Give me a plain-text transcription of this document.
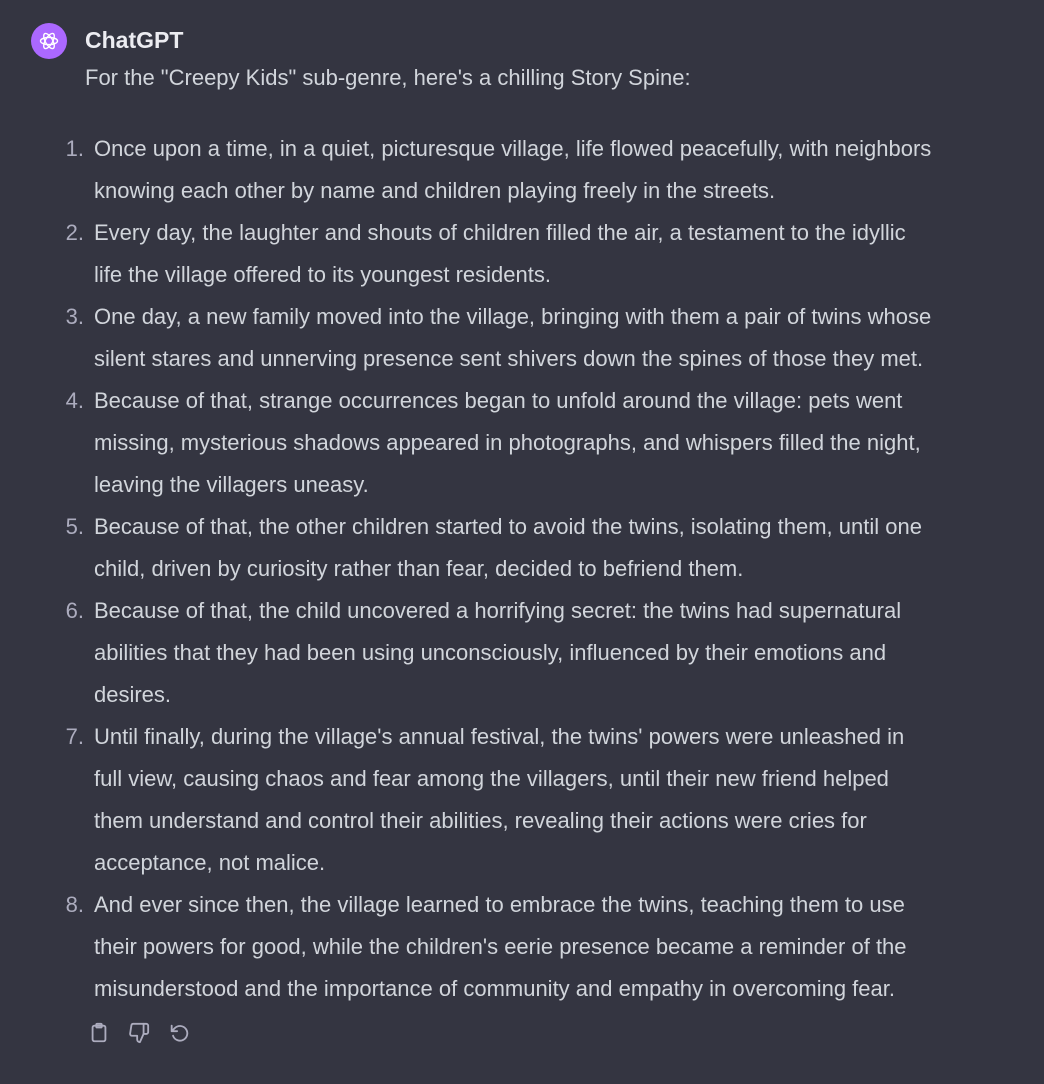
ChatGPT
For the "Creepy Kids" sub-genre, here's a chilling Story Spine:
1. Once upon a time, in a quiet, picturesque village, life flowed peacefully, with neighbors
knowing each other by name and children playing freely in the streets.
2. Every day, the laughter and shouts of children filled the air, a testament to the idyllic
life the village offered to its youngest residents.
3. One day, a new family moved into the village, bringing with them a pair of twins whose
silent stares and unnerving presence sent shivers down the spines of those they met.
4. Because of that, strange occurrences began to unfold around the village: pets went
missing, mysterious shadows appeared in photographs, and whispers filled the night,
leaving the villagers uneasy.
5. Because of that, the other children started to avoid the twins, isolating them, until one
child, driven by curiosity rather than fear, decided to befriend them.
6. Because of that, the child uncovered a horrifying secret: the twins had supernatural
abilities that they had been using unconsciously, influenced by their emotions and
desires.
7. Until finally, during the village's annual festival, the twins' powers were unleashed in
full view, causing chaos and fear among the villagers, until their new friend helped
them understand and control their abilities, revealing their actions were cries for
acceptance, not malice.
8. And ever since then, the village learned to embrace the twins, teaching them to use
their powers for good, while the children's eerie presence became a reminder of the
misunderstood and the importance of community and empathy in overcoming fear.
